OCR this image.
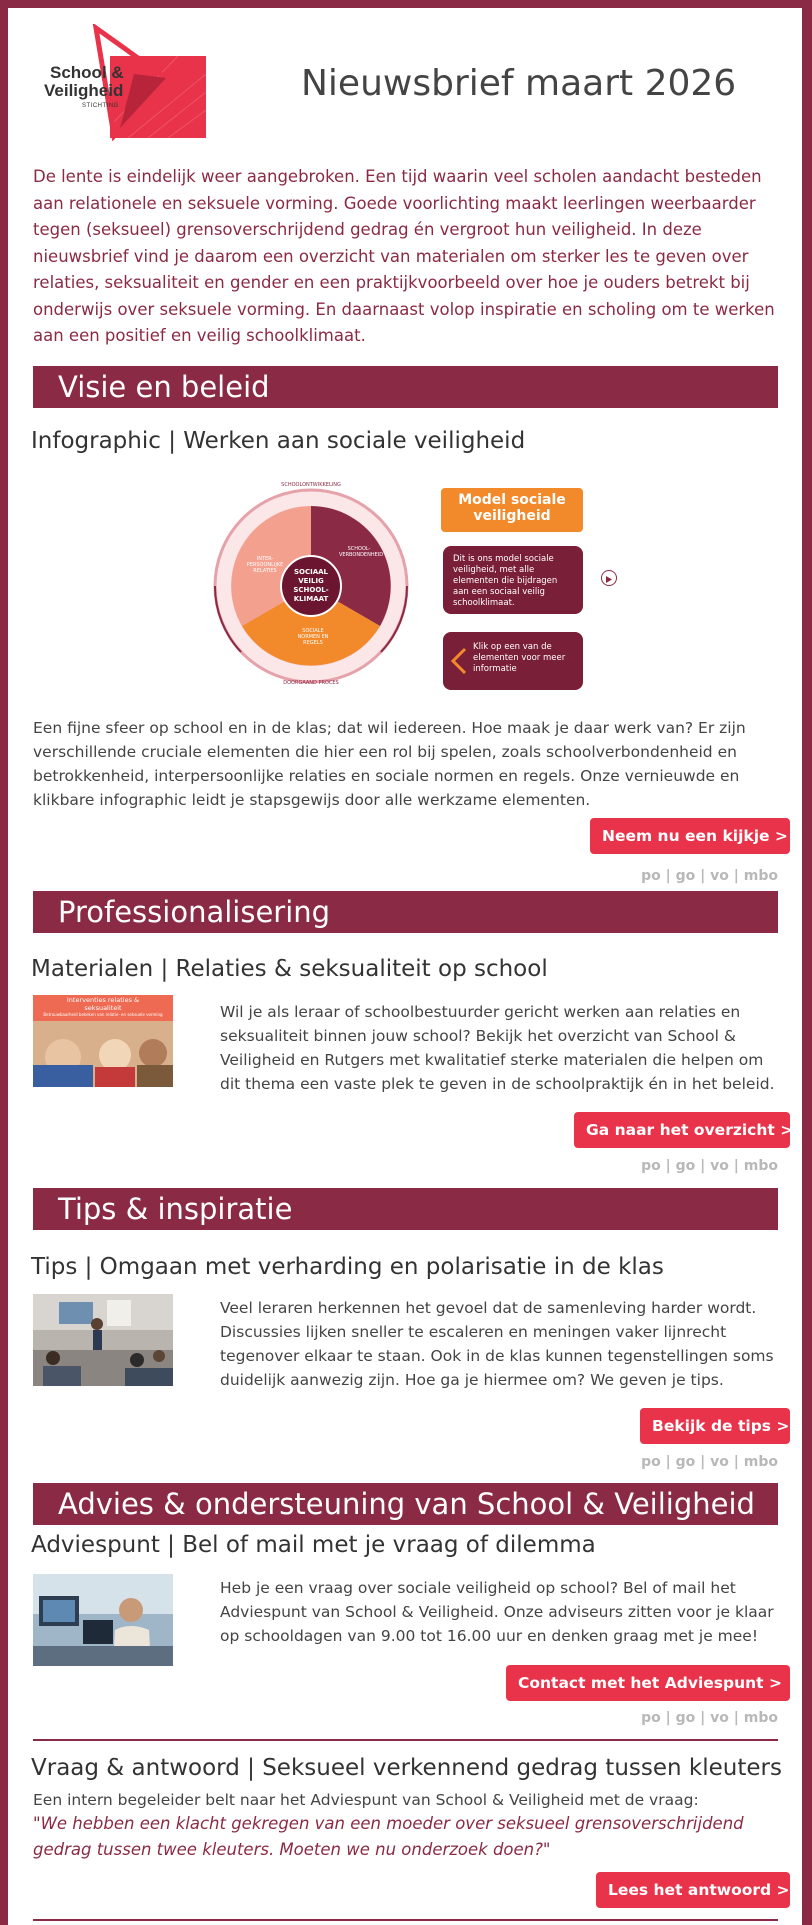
School &
Veiligheid
STICHTING
Nieuwsbrief maart 2026
De lente is eindelijk weer aangebroken. Een tijd waarin veel scholen aandacht besteden aan relationele en seksuele vorming. Goede voorlichting maakt leerlingen weerbaarder tegen (seksueel) grensoverschrijdend gedrag én vergroot hun veiligheid. In deze nieuwsbrief vind je daarom een overzicht van materialen om sterker les te geven over relaties, seksualiteit en gender en een praktijkvoorbeeld over hoe je ouders betrekt bij onderwijs over seksuele vorming. En daarnaast volop inspiratie en scholing om te werken aan een positief en veilig schoolklimaat.
Visie en beleid
Infographic | Werken aan sociale veiligheid
SCHOOLONTWIKKELING
DOORGAAND PROCES
SOCIAAL VEILIG SCHOOL-KLIMAAT
INTER-PERSOONLIJKE RELATIES
SCHOOL-VERBONDENHEID
SOCIALE NORMEN EN REGELS
Model sociale veiligheid
Dit is ons model sociale veiligheid, met alle elementen die bijdragen aan een sociaal veilig schoolklimaat.
Klik op een van de elementen voor meer informatie
Een fijne sfeer op school en in de klas; dat wil iedereen. Hoe maak je daar werk van? Er zijn verschillende cruciale elementen die hier een rol bij spelen, zoals schoolverbondenheid en betrokkenheid, interpersoonlijke relaties en sociale normen en regels. Onze vernieuwde en klikbare infographic leidt je stapsgewijs door alle werkzame elementen.
Neem nu een kijkje >
po | go | vo | mbo
Professionalisering
Materialen | Relaties & seksualiteit op school
Interventies relaties & seksualiteit
Betrouwbaarheid bekeken van relatie- en seksuele vorming	Wil je als leraar of schoolbestuurder gericht werken aan relaties en seksualiteit binnen jouw school? Bekijk het overzicht van School & Veiligheid en Rutgers met kwalitatief sterke materialen die helpen om dit thema een vaste plek te geven in de schoolpraktijk én in het beleid.
Ga naar het overzicht >
po | go | vo | mbo
Tips & inspiratie
Tips | Omgaan met verharding en polarisatie in de klas
Veel leraren herkennen het gevoel dat de samenleving harder wordt. Discussies lijken sneller te escaleren en meningen vaker lijnrecht tegenover elkaar te staan. Ook in de klas kunnen tegenstellingen soms duidelijk aanwezig zijn. Hoe ga je hiermee om? We geven je tips.
Bekijk de tips >
po | go | vo | mbo
Advies & ondersteuning van School & Veiligheid
Adviespunt | Bel of mail met je vraag of dilemma
Heb je een vraag over sociale veiligheid op school? Bel of mail het Adviespunt van School & Veiligheid. Onze adviseurs zitten voor je klaar op schooldagen van 9.00 tot 16.00 uur en denken graag met je mee!
Contact met het Adviespunt >
po | go | vo | mbo
Vraag & antwoord | Seksueel verkennend gedrag tussen kleuters
Een intern begeleider belt naar het Adviespunt van School & Veiligheid met de vraag:
"We hebben een klacht gekregen van een moeder over seksueel grensoverschrijdend gedrag tussen twee kleuters. Moeten we nu onderzoek doen?"
Lees het antwoord >
